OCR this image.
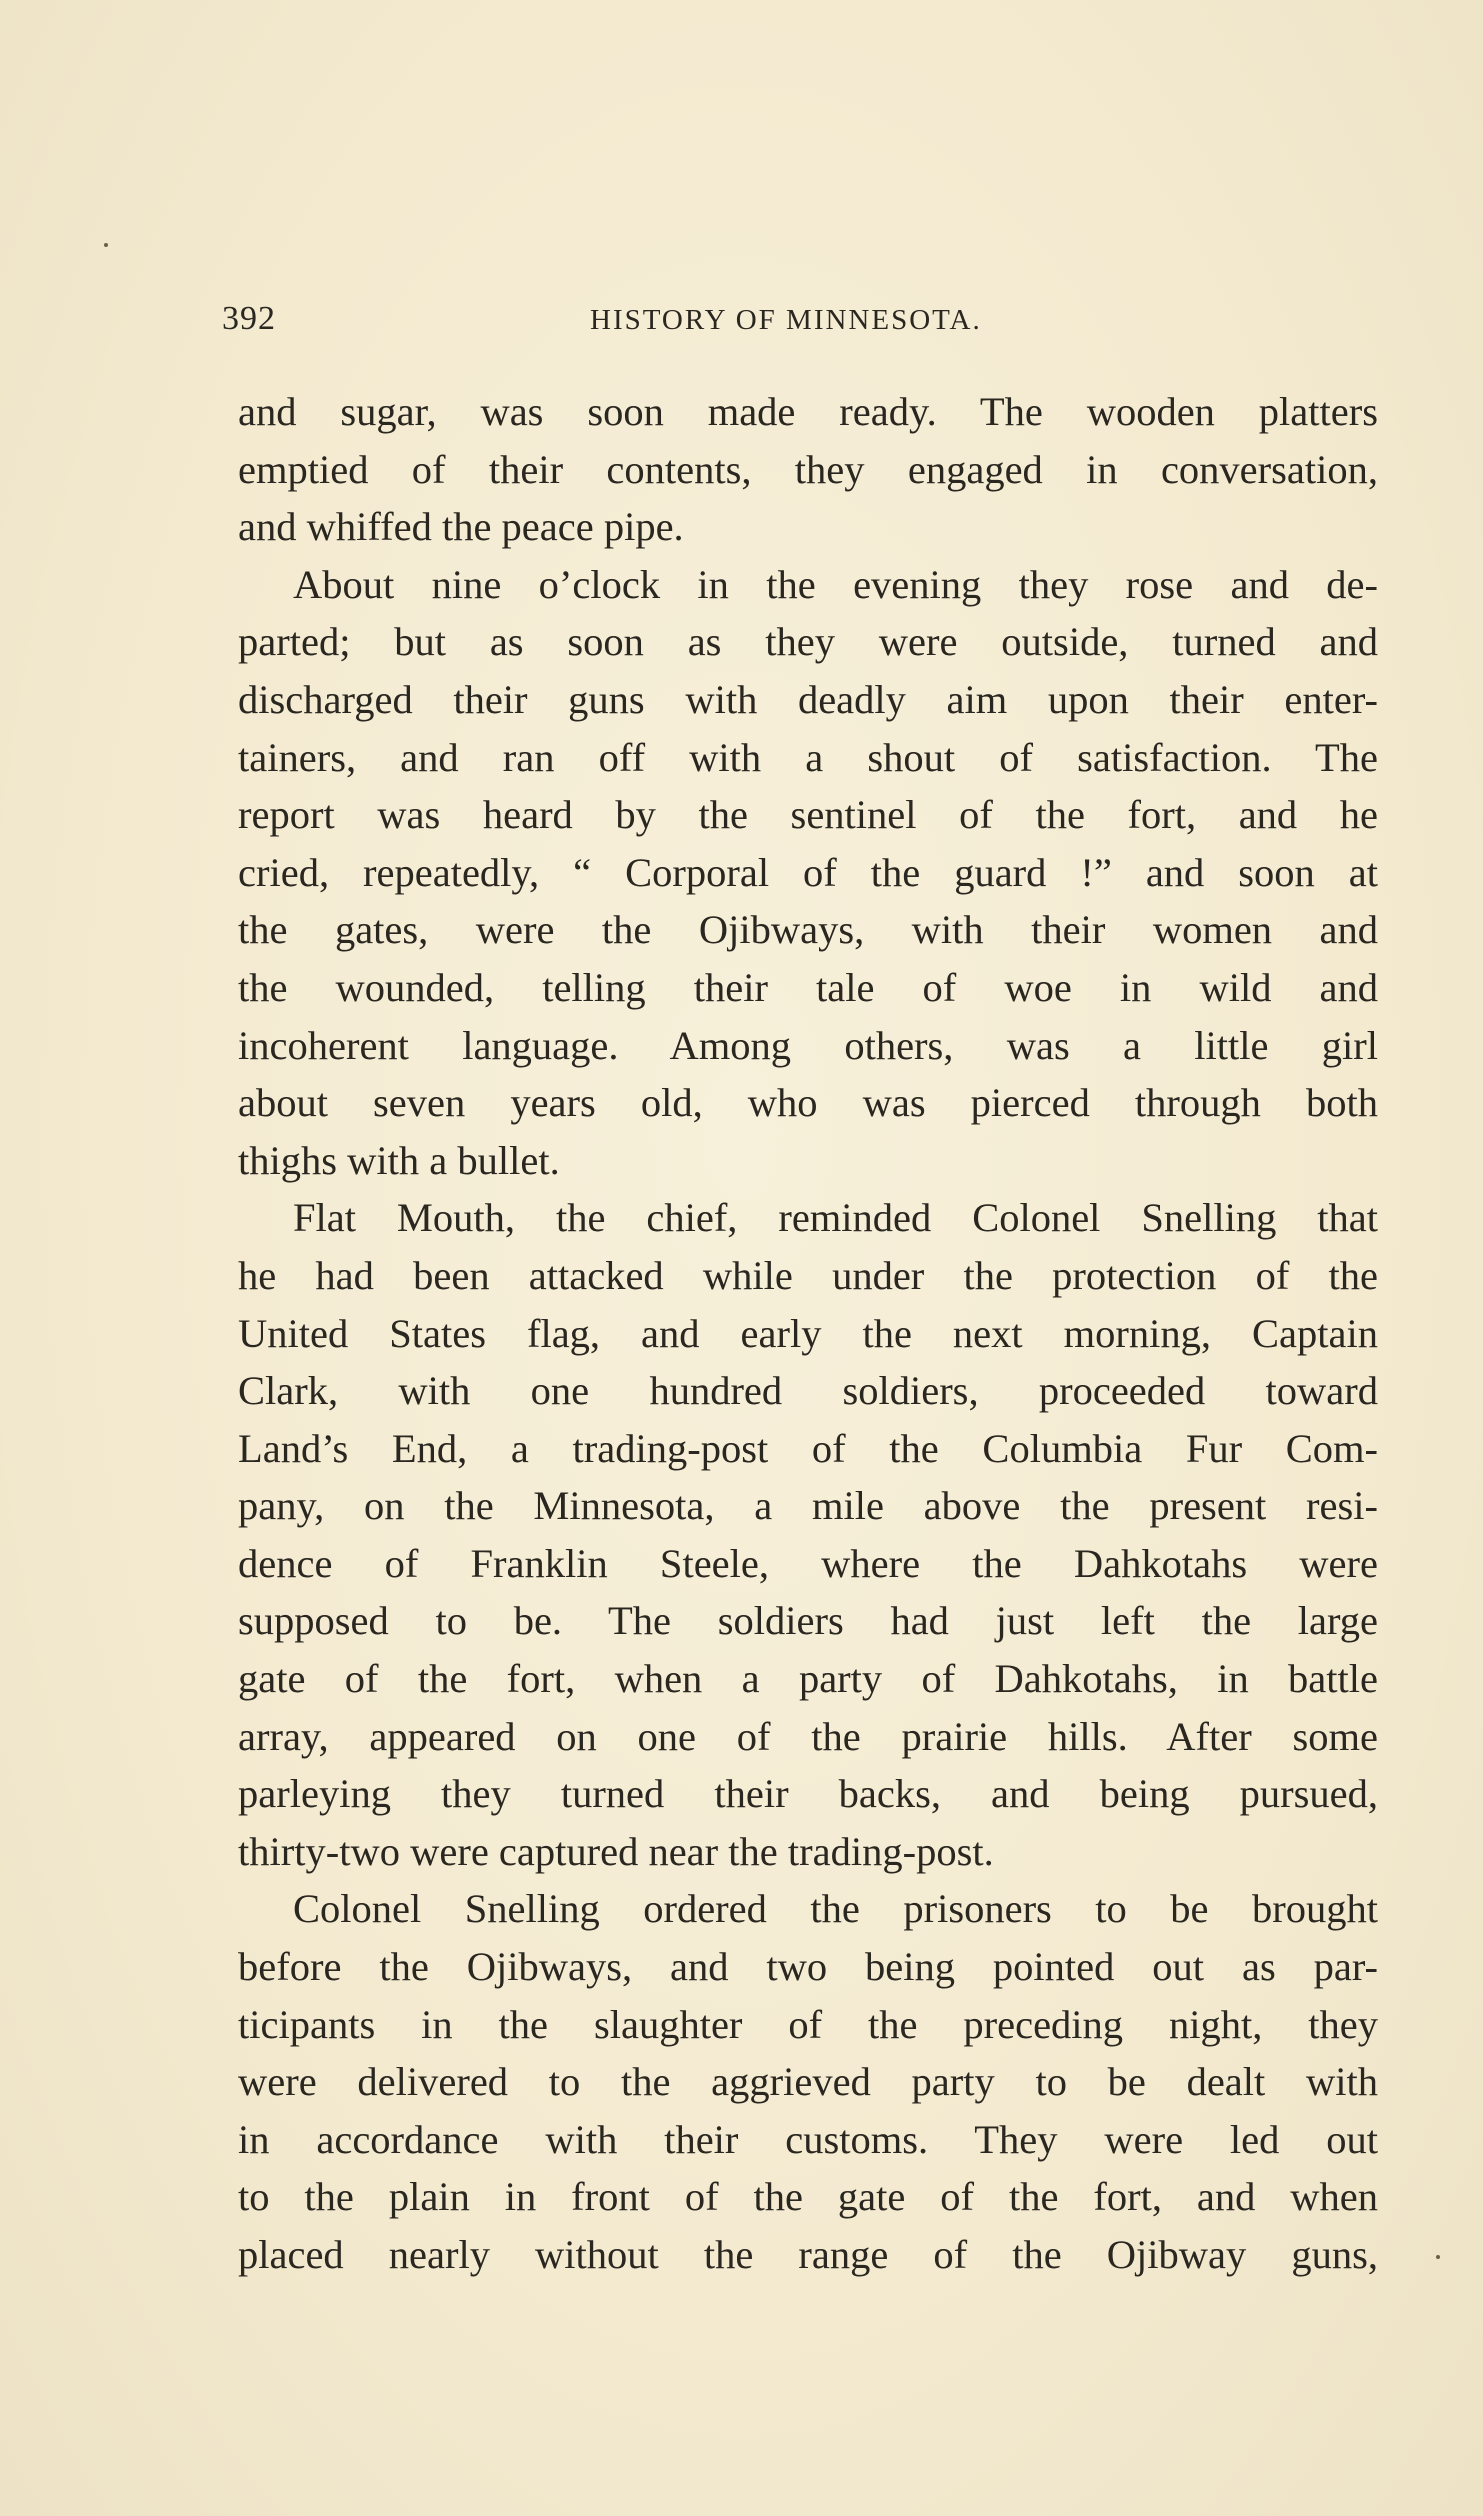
392	HISTORY OF MINNESOTA.
and sugar, was soon made ready. The wooden platters
emptied of their contents, they engaged in conversation,
and whiffed the peace pipe.
About nine o’clock in the evening they rose and de-
parted; but as soon as they were outside, turned and
discharged their guns with deadly aim upon their enter-
tainers, and ran off with a shout of satisfaction. The
report was heard by the sentinel of the fort, and he
cried, repeatedly, “ Corporal of the guard !” and soon at
the gates, were the Ojibways, with their women and
the wounded, telling their tale of woe in wild and
incoherent language. Among others, was a little girl
about seven years old, who was pierced through both
thighs with a bullet.
Flat Mouth, the chief, reminded Colonel Snelling that
he had been attacked while under the protection of the
United States flag, and early the next morning, Captain
Clark, with one hundred soldiers, proceeded toward
Land’s End, a trading-post of the Columbia Fur Com-
pany, on the Minnesota, a mile above the present resi-
dence of Franklin Steele, where the Dahkotahs were
supposed to be. The soldiers had just left the large
gate of the fort, when a party of Dahkotahs, in battle
array, appeared on one of the prairie hills. After some
parleying they turned their backs, and being pursued,
thirty-two were captured near the trading-post.
Colonel Snelling ordered the prisoners to be brought
before the Ojibways, and two being pointed out as par-
ticipants in the slaughter of the preceding night, they
were delivered to the aggrieved party to be dealt with
in accordance with their customs. They were led out
to the plain in front of the gate of the fort, and when
placed nearly without the range of the Ojibway guns,
